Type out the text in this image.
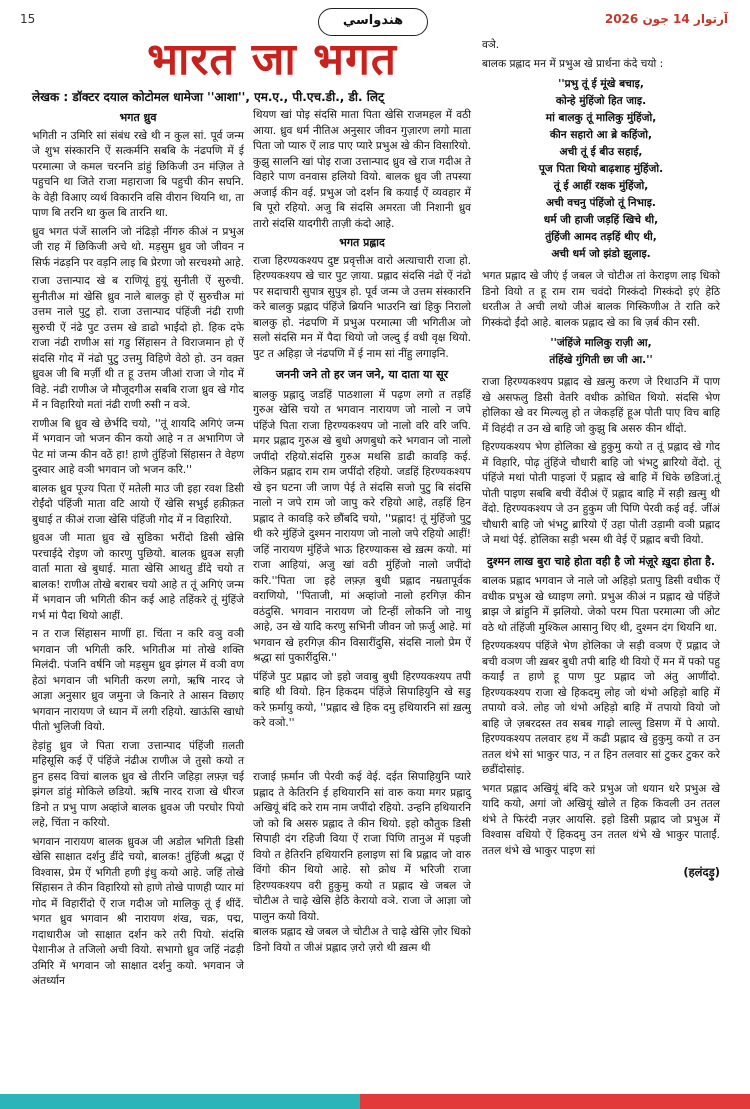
15	هندواسي	آرتوار 14 جون 2026
भारत जा भगत
लेखक : डॉक्टर दयाल कोटोमल धामेजा ''आशा'', एम.ए., पी.एच.डी., डी. लिट्
भगत ध्रुव

भगिती न उमिरि सां संबंध रखे थी न कुल सां. पूर्व जन्म जे शुभ संस्कारनि ऐं सत्कर्मनि सबबि के नंढपणि में ई परमात्मा जे कमल चरननि डांहुं छिकिजी उन मंज़िल ते पहुचनि था जिते राजा महाराजा बि पहुची कीन सघनि. के वेही विआए व्यर्थ विकारनि वसि वीरान थियनि था, ता पाण बि तरनि था कुल बि तारनि था.

ध्रुव भगत पंजें सालनि जो नंढिड़ो नींगरु कीअं न प्रभुअ जी राह में छिकिजी अचे थो. मड़सुम ध्रुव जो जीवन न सिर्फ नंढड़नि पर वड़नि लाइ बि प्रेरणा जो सरचश्मो आहे.

राजा उत्तान्पाद खे ब राणियूं हुयूं सुनीती ऐं सुरुची. सुनीतीअ मां खेसि ध्रुव नाले बालकु हो ऐं सुरुचीअ मां उत्तम नाले पुटु हो. राजा उत्तान्पाद पंहिंजी नंढी राणी सुरुची ऐं नंढे पुट उत्तम खे डाढो भाईंदो हो. हिक दफे राजा नंढी राणीअ सां गडु सिंहासन ते विराजमान हो ऐं संदसि गोद में नंढो पुटु उत्तमु विहिणे वेठो हो. उन वक़्त ध्रुवअ जी बि मर्ज़ी थी त हू उत्तम जीआं राजा जे गोद में विहे. नंढी राणीअ जे मौजूदगीअ सबबि राजा ध्रुव खे गोद में न विहारियो मतां नंढी राणी रुसी न वञे.

राणीअ बि ध्रुव खे छेर्भदि चयो, ''तूं शायदि अगिएं जन्म में भगवान जो भजन कीन कयो आहे न त अभागिण जे पेट मां जन्म कीन वठें हा! हाणे तुंहिंजो सिंहासन ते वेहण दुस्वार आहे वञी भगवान जो भजन करि.''

बालक ध्रुव पूज्य पिता ऐं मतेली माउ जी इहा रवश डिसी रोईंदो पंहिंजी माता वटि आयो ऐं खेसि सभुई हक़ीक़त बुधाई त कीअं राजा खेसि पंहिंजी गोद में न विहारियो.

ध्रुवअ जी माता ध्रुव खे सुडिका भरींदो डिसी खेसि परचाईदे रोइण जो कारणु पुछियो. बालक ध्रुवअ सज़ी वार्ता माता खे बुधाई. माता खेसि आथतु डींदे चयो त बालक! राणीअ तोखे बराबर चयो आहे त तूं अगिएं जन्म में भगवान जी भगिती कीन कई आहे तहिंकरे तूं मुंहिंजे गर्भ मां पैदा थियो आहीं.

न त राज सिंहासन माणीं हा. चिंता न करि वञु वञी भगवान जी भगिती करि. भगितीअ मां तोखे शक्ति मिलंदी. पंजनि वर्षनि जो मड़सुम ध्रुव झंगल में वञी वण हेठां भगवान जी भगिती करण लगो, ऋषि नारद जे आज्ञा अनुसार ध्रुव जमुना जे किनारे ते आसन विछाए भगवान नारायण जे ध्यान में लगी रहियो. खाऊंसि खाधो पीतो भुलिजी वियो.

हेड़ांहु ध्रुव जे पिता राजा उत्तान्पाद पंहिंजी ग़लती महिसूसि कई ऐं पंहिंजे नंढीअ राणीअ जे तुसो कयो त हुन हसद विचां बालक ध्रुव खे तीरनि जहिड़ा लफ़्ज़ चई झंगल डांहुं मोकिले छडियो. ऋषि नारद राजा खे धीरज डिनो त प्रभु पाण अव्हांजे बालक ध्रुवअ जी परघोर पियो लहे, चिंता न करियो.

भगवान नारायण बालक ध्रुवअ जी अडोल भगिती डिसी खेसि साक्षात दर्शनु डींदे चयो, बालक! तुंहिंजी श्रद्धा ऐं विश्वास, प्रेम ऐं भगिती हणी इंधु कयो आहे. जहिं तोखे सिंहासन ते कीन विहारियो सो हाणे तोखे पाणही प्यार मां गोद में विहारींदो ऐं राज गदीअ जो मालिकु तूं ई थींदें. भगत ध्रुव भगवान श्री नारायण शंख, चक्र, पद्म, गदाधारीअ जो साक्षात दर्शन करे तरी पियो. संदसि पेशानीअ ते तजिलो अची वियो. सभागो ध्रुव जहिं नंढड़ी उमिरि में भगवान जो साक्षात दर्शनु कयो. भगवान जे अंतर्ध्यान

थियण खां पोइ संदसि माता पिता खेसि राजमहल में वठी आया. ध्रुव धर्म नीतिअ अनुसार जीवन गुज़ारण लगो माता पिता जो प्यारु ऐं लाड पाए प्यारे प्रभुअ खे कीन विसारियो. कुझु सालनि खां पोइ राजा उत्तान्पाद ध्रुव खे राज गदीअ ते विहारे पाण वनवास हलियो वियो. बालक ध्रुव जी तपस्या अजाई कीन वई. प्रभुअ जो दर्शन बि कयाईं ऐं व्यवहार में बि पूरो रहियो. अजु बि संदसि अमरता जी निशानी ध्रुव तारो संदसि यादगीरी ताज़ी कंदो आहे.

भगत प्रह्लाद

राजा हिरण्यकश्यप दुष्ट प्रवृत्तीअ वारो अत्याचारी राजा हो. हिरण्यकश्यप खे चार पुट ज़ाया. प्रह्लाद संदसि नंढो ऐं नंढो पर सदाचारी सुपात्र सुपुत्र हो. पूर्व जन्म जे उत्तम संस्कारनि करे बालकु प्रह्लाद पंहिंजे ब्रियनि भाउरनि खां हिकु निरालो बालकु हो. नंढपणि में प्रभुअ परमात्मा जी भगितीअ जो सलो संदसि मन में पैदा थियो जो जल्दु ई वधी वृक्ष थियो. पुट त अहिड़ा जे नंढपणि में ई नाम सां नींहु लगाइनि.

जननी जने तो हर जन जने, या दाता या सूर

बालकु प्रह्लादु जडहिं पाठशाला में पढ़ण लगो त तड़हिं गुरुअ खेसि चयो त भगवान नारायण जो नालो न जपे पंहिंजे पिता राजा हिरण्यकश्यप जो नालो वरि वरि जपि. मगर प्रह्लाद गुरुअ खे बुधो अणबुधो करे भगवान जो नालो जपींदो रहियो.संदसि गुरुअ मथसि डाढी कावड़ि कई. लेकिन प्रह्लाद राम राम जपींदो रहियो. जडहिं हिरण्यकश्यप खे इन घटना जी जाण पेई ते संदसि सजो पुटु बि संदसि नालो न जपे राम जो जापु करे रहियो आहे, तड़हिं हिन प्रह्लाद ते कावड़ि करे छौंबदि चयो, ''प्रह्लाद! तूं मुंहिंजो पुटु थी करे मुंहिंजे दुश्मन नारायण जो नालो जपे रहियो आहीं! जहिं नारायण मुंहिंजे भाऊ हिरण्याकस खे ख़त्म कयो. मां राजा आहियां, अजु खां वठी मुंहिंजो नालो जपींदो करि.''पिता जा इहे लफ़्ज़ बुधी प्रह्लाद नम्रतापूर्वक वराणियो, ''पिताजी, मां अव्हांजो नालो हरगिज़ कीन वठंदुसि. भगवान नारायण जो टिन्हीं लोकनि जो नाथु आहे, उन खे यादि करणु सभिनी जीवन जो फ़र्जु आहे. मां भगवान खे हरगिज़ कीन विसारींदुसि, संदसि नालो प्रेम ऐं श्रद्धा सां पुकारींदुसि.''

पंहिंजे पुट प्रह्लाद जो इहो जवाबु बुधी हिरण्यकश्यप तपी बाहि थी वियो. हिन हिकदम पंहिंजे सिपाहियुनि खे सडु करे फ़र्मायु कयो, ''प्रह्लाद खे हिक दमु हथियारनि सां ख़त्मु करे वञो.''

राजाई फ़र्मान जी पेरवी कई वेई. दईत सिपाहियुनि प्यारे प्रह्लाद ते केतिरनि ई हथियारनि सां वारु कया मगर प्रह्लादु अखियूं बंदि करे राम नाम जपींदो रहियो. उन्हनि हथियारनि जो को बि असरु प्रह्लाद ते कीन थियो. इहो कौतुक डिसी सिपाही दंग रहिजी विया ऐं राजा पिणि तानुअ में पइजी वियो त हेतिरनि हथियारनि हलाइण सां बि प्रह्लाद जो वारु विंगो कीन थियो आहे. सो क्रोध में भरिजी राजा हिरण्यकश्यप वरी हुकुमु कयो त प्रह्लाद खे जबल जे चोटीअ ते चाढ़े खेसि हेठि केरायो वञे. राजा जे आज्ञा जो पालुन कयो वियो.

बालक प्रह्लाद खे जबल जे चोटीअ ते चाढ़े खेसि ज़ोर धिको डिनो वियो त जीअं प्रह्लाद ज़रो ज़रो थी ख़त्म थी

वञे.

बालक प्रह्लाद मन में प्रभुअ खे प्रार्थना कंदे चयो :

''प्रभु तूं ई मूंखे बचाइ,
कोन्हे मुंहिंजो हित जाइ.
मां बालकु तूं मालिकु मुंहिंजो,
कीन सहारो आ ब्रे कहिंजो,
अची तूं ई बीउ सहाई,
पूज पिता थियो बाढ़शाह मुंहिंजो.
तूं ई आहीं रक्षक मुंहिंजो,
अची वचनु पंहिंजो तूं निभाइ.
धर्म जी हाजी जड़हिं खिचे थी,
तुंहिंजी आमद तड़हिं थीए थी,
अची धर्म जो झंडो झुलाइ.

भगत प्रह्लाद खे जीएं ई जबल जे चोटीअ तां केराइण लाइ धिको डिनो वियो त हू राम राम चवंदो गिस्कंदो गिस्कंदो इएं हेठि धरतीअ ते अची लथो जीअं बालक गिस्किणीअ ते राति करे गिस्कंदो ईंदो आहे. बालक प्रह्लाद खे का बि ज़र्ब कीन रसी.

''जंहिंजे मालिकु राज़ी आ,
तंहिंखे गुंगिती छा जी आ.''

राजा हिरण्यकश्यप प्रह्लाद खे ख़त्मु करण जे रिथाउनि में पाण खे असफलु डिसी वेतरि वधीक क्रोधित थियो. संदसि भेण होलिका खे वर मिल्यलु हो त जेकड़हिं हूअ पोती पाए विच बाहि में विहंदी त उन खे बाहि जो कुझु बि असरु कीन थींदो.

हिरण्यकश्यप भेण होलिका खे हुकुमु कयो त तूं प्रह्लाद खे गोद में विहारि, पोढ़ तुंहिंजे चौधारी बाहि जो भंभटु ब्रारियो वेंदो. तूं पंहिंजे मथां पोती पाइजां ऐं प्रह्लाद खे बाहि में धिके छडिजां.तूं पोती पाइण सबबि बची वेंदीअं ऐं प्रह्लाद बाहि में सड़ी ख़त्मु थी वेंदो. हिरण्यकश्यप जे उन हुकुम जी पिणि पेरवी कई वई. जींअं चौधारी बाहि जो भंभटु ब्रारियो ऐं उहा पोती उड़ामी वञी प्रह्लाद जे मथां पेई. होलिका सड़ी भस्म थी वेई ऐं प्रह्लाद बची वियो.

दुश्मन लाख बुरा चाहे होता वही है जो मंज़ूरे ख़ुदा होता है.

बालक प्रह्लाद भगवान जे नाले जो अहिड़ो प्रतापु डिसी वधीक ऐं वधीक प्रभुअ खे ध्याइण लगो. प्रभुअ कीअं न प्रह्लाद खे पंहिंजे ब्राझ जे ब्रांहुनि में झलियो. जेको परम पिता परमात्मा जी ओट वठे थो तंहिंजी मुश्किल आसानु थिए थी, दुश्मन दंग थियनि था.

हिरण्यकश्यप पंहिंजे भेण होलिका जे सड़ी वञण ऐं प्रह्लाद जे बची वञण जी ख़बर बुधी तपी बाहि थी वियो ऐं मन में पको पहु कयाईं त हाणे हू पाण पुट प्रह्लाद जो अंतु आणींदो. हिरण्यकश्यप राजा खे हिकदमु लोह जो थंभो अहिड़ो बाहि में तपायो वञे. लोह जो थंभो अहिड़ो बाहि में तपायो वियो जो बाहि जे ज़बरदस्त तव सबब गाढ़ो लाल्लु डिसण में पे आयो. हिरण्यकश्यप तलवार हथ में कढी प्रह्लाद खे हुकुमु कयो त उन ततल थंभे सां भाकुर पाउ, न त हिन तलवार सां टुकर टुकर करे छडींदोसांइ.

भगत प्रह्लाद अखियूं बंदि करे प्रभुअ जो धयान धरे प्रभुअ खे यादि कयो, अगां जो अखियूं खोले त हिक किवली उन ततल थंभे ते फिरंदी नज़र आयसि. इहो डिसी प्रह्लाद जो प्रभुअ में विश्वास वधियो ऐं हिकदमु उन ततल थंभे खे भाकुर पाताईं. ततल थंभे खे भाकुर पाइण सां

(हलंदड़ु)
